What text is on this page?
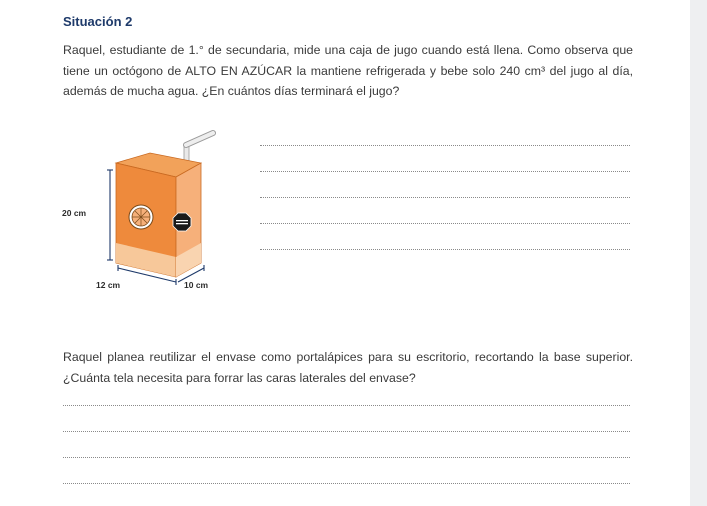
Situación 2
Raquel, estudiante de 1.° de secundaria, mide una caja de jugo cuando está llena. Como observa que tiene un octógono de ALTO EN AZÚCAR la mantiene refrigerada y bebe solo 240 cm³ del jugo al día, además de mucha agua. ¿En cuántos días terminará el jugo?
20 cm
12 cm	10 cm
Raquel planea reutilizar el envase como portalápices para su escritorio, recortando la base superior. ¿Cuánta tela necesita para forrar las caras laterales del envase?
